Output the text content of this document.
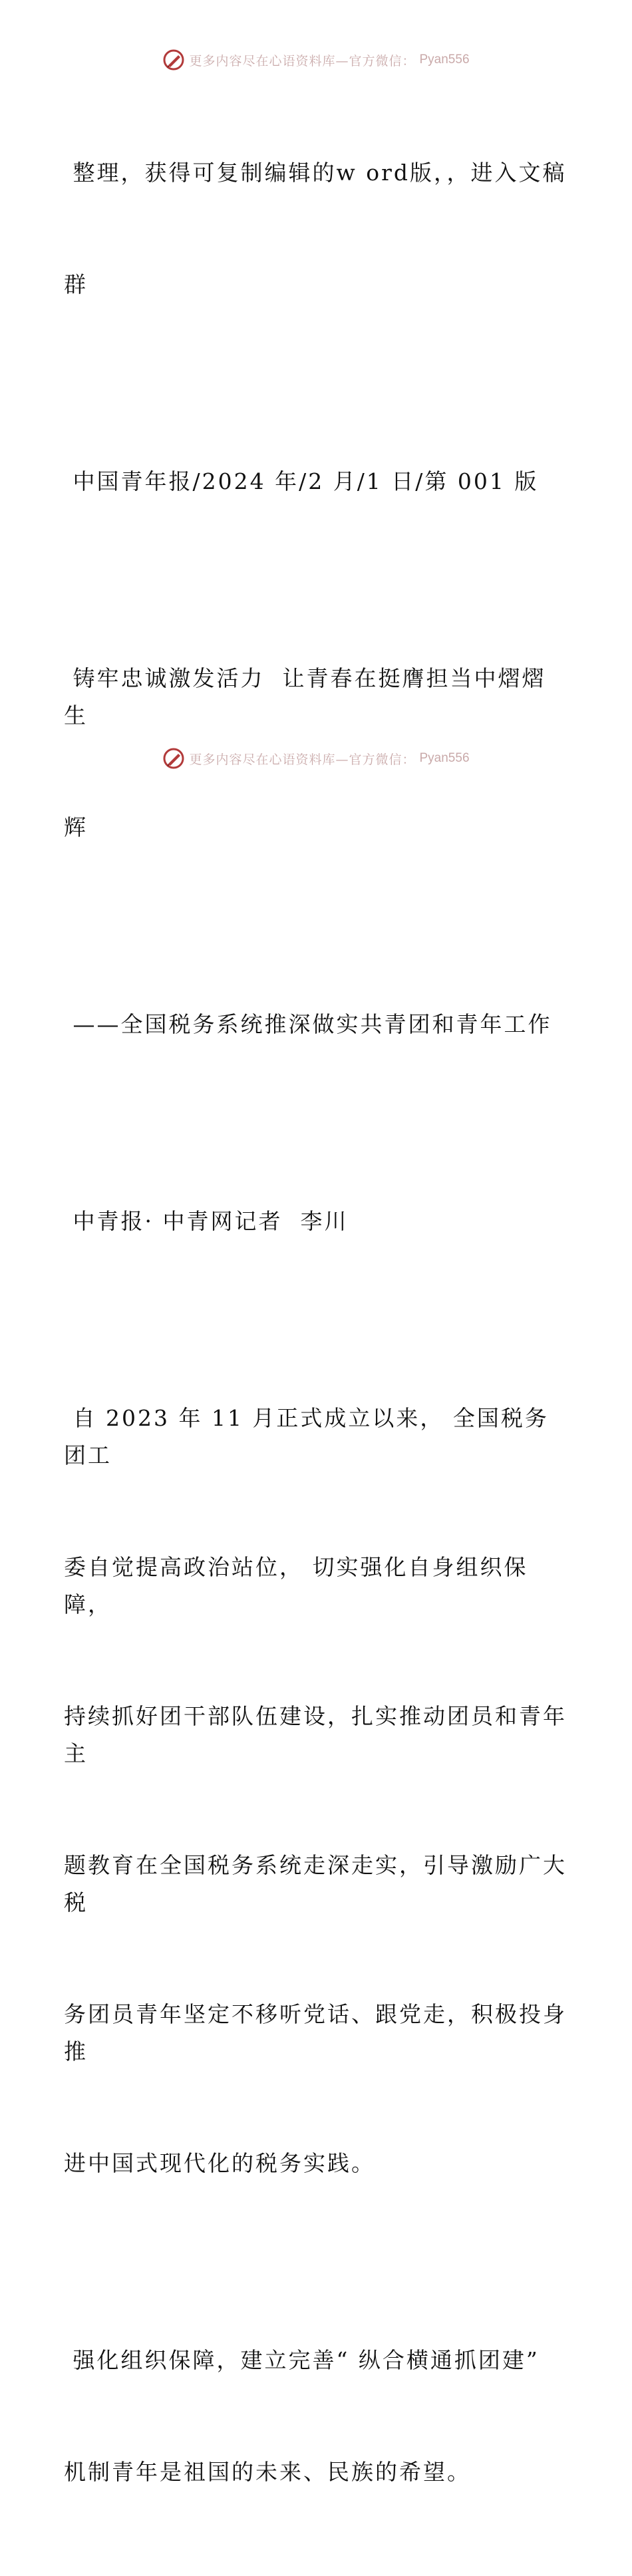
更多内容尽在心语资料库—官方微信： Pyan556

整理，获得可复制编辑的w ord版，，进入文稿

群

中国青年报/2024 年/2 月/1 日/第 001 版

铸牢忠诚激发活力  让青春在挺膺担当中熠熠生

辉

——全国税务系统推深做实共青团和青年工作

中青报· 中青网记者  李川

自 2023 年 11 月正式成立以来， 全国税务团工

委自觉提高政治站位， 切实强化自身组织保障，

持续抓好团干部队伍建设，扎实推动团员和青年主

题教育在全国税务系统走深走实，引导激励广大税

务团员青年坚定不移听党话、跟党走，积极投身推

进中国式现代化的税务实践。

强化组织保障，建立完善“ 纵合横通抓团建”

机制青年是祖国的未来、民族的希望。

更多内容尽在心语资料库—官方微信： Pyan556
